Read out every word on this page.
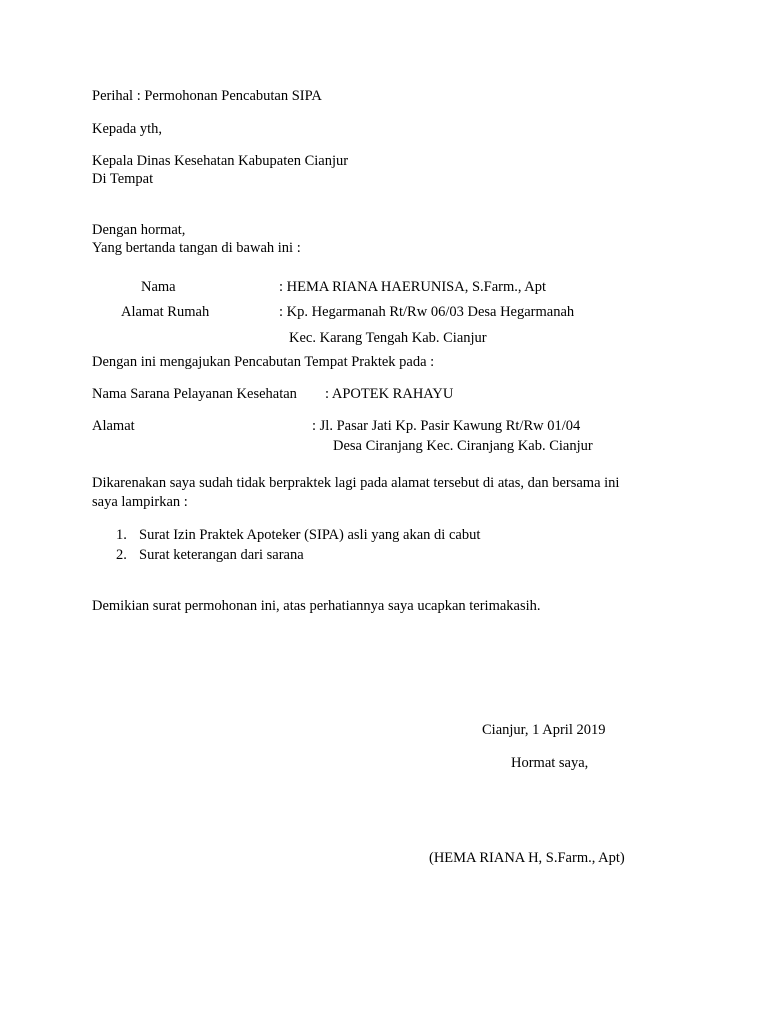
Perihal : Permohonan Pencabutan SIPA
Kepada yth,
Kepala Dinas Kesehatan Kabupaten Cianjur
Di Tempat
Dengan hormat,
Yang bertanda tangan di bawah ini :
Nama	: HEMA RIANA HAERUNISA, S.Farm., Apt
Alamat Rumah	: Kp. Hegarmanah Rt/Rw 06/03 Desa Hegarmanah
Kec. Karang Tengah Kab. Cianjur
Dengan ini mengajukan Pencabutan Tempat Praktek pada :
Nama Sarana Pelayanan Kesehatan : APOTEK RAHAYU
Alamat	: Jl. Pasar Jati Kp. Pasir Kawung Rt/Rw 01/04
Desa Ciranjang Kec. Ciranjang Kab. Cianjur
Dikarenakan saya sudah tidak berpraktek lagi pada alamat tersebut di atas, dan bersama ini
saya lampirkan :
1. Surat Izin Praktek Apoteker (SIPA) asli yang akan di cabut
2. Surat keterangan dari sarana
Demikian surat permohonan ini, atas perhatiannya saya ucapkan terimakasih.
Cianjur, 1 April 2019
Hormat saya,
(HEMA RIANA H, S.Farm., Apt)
